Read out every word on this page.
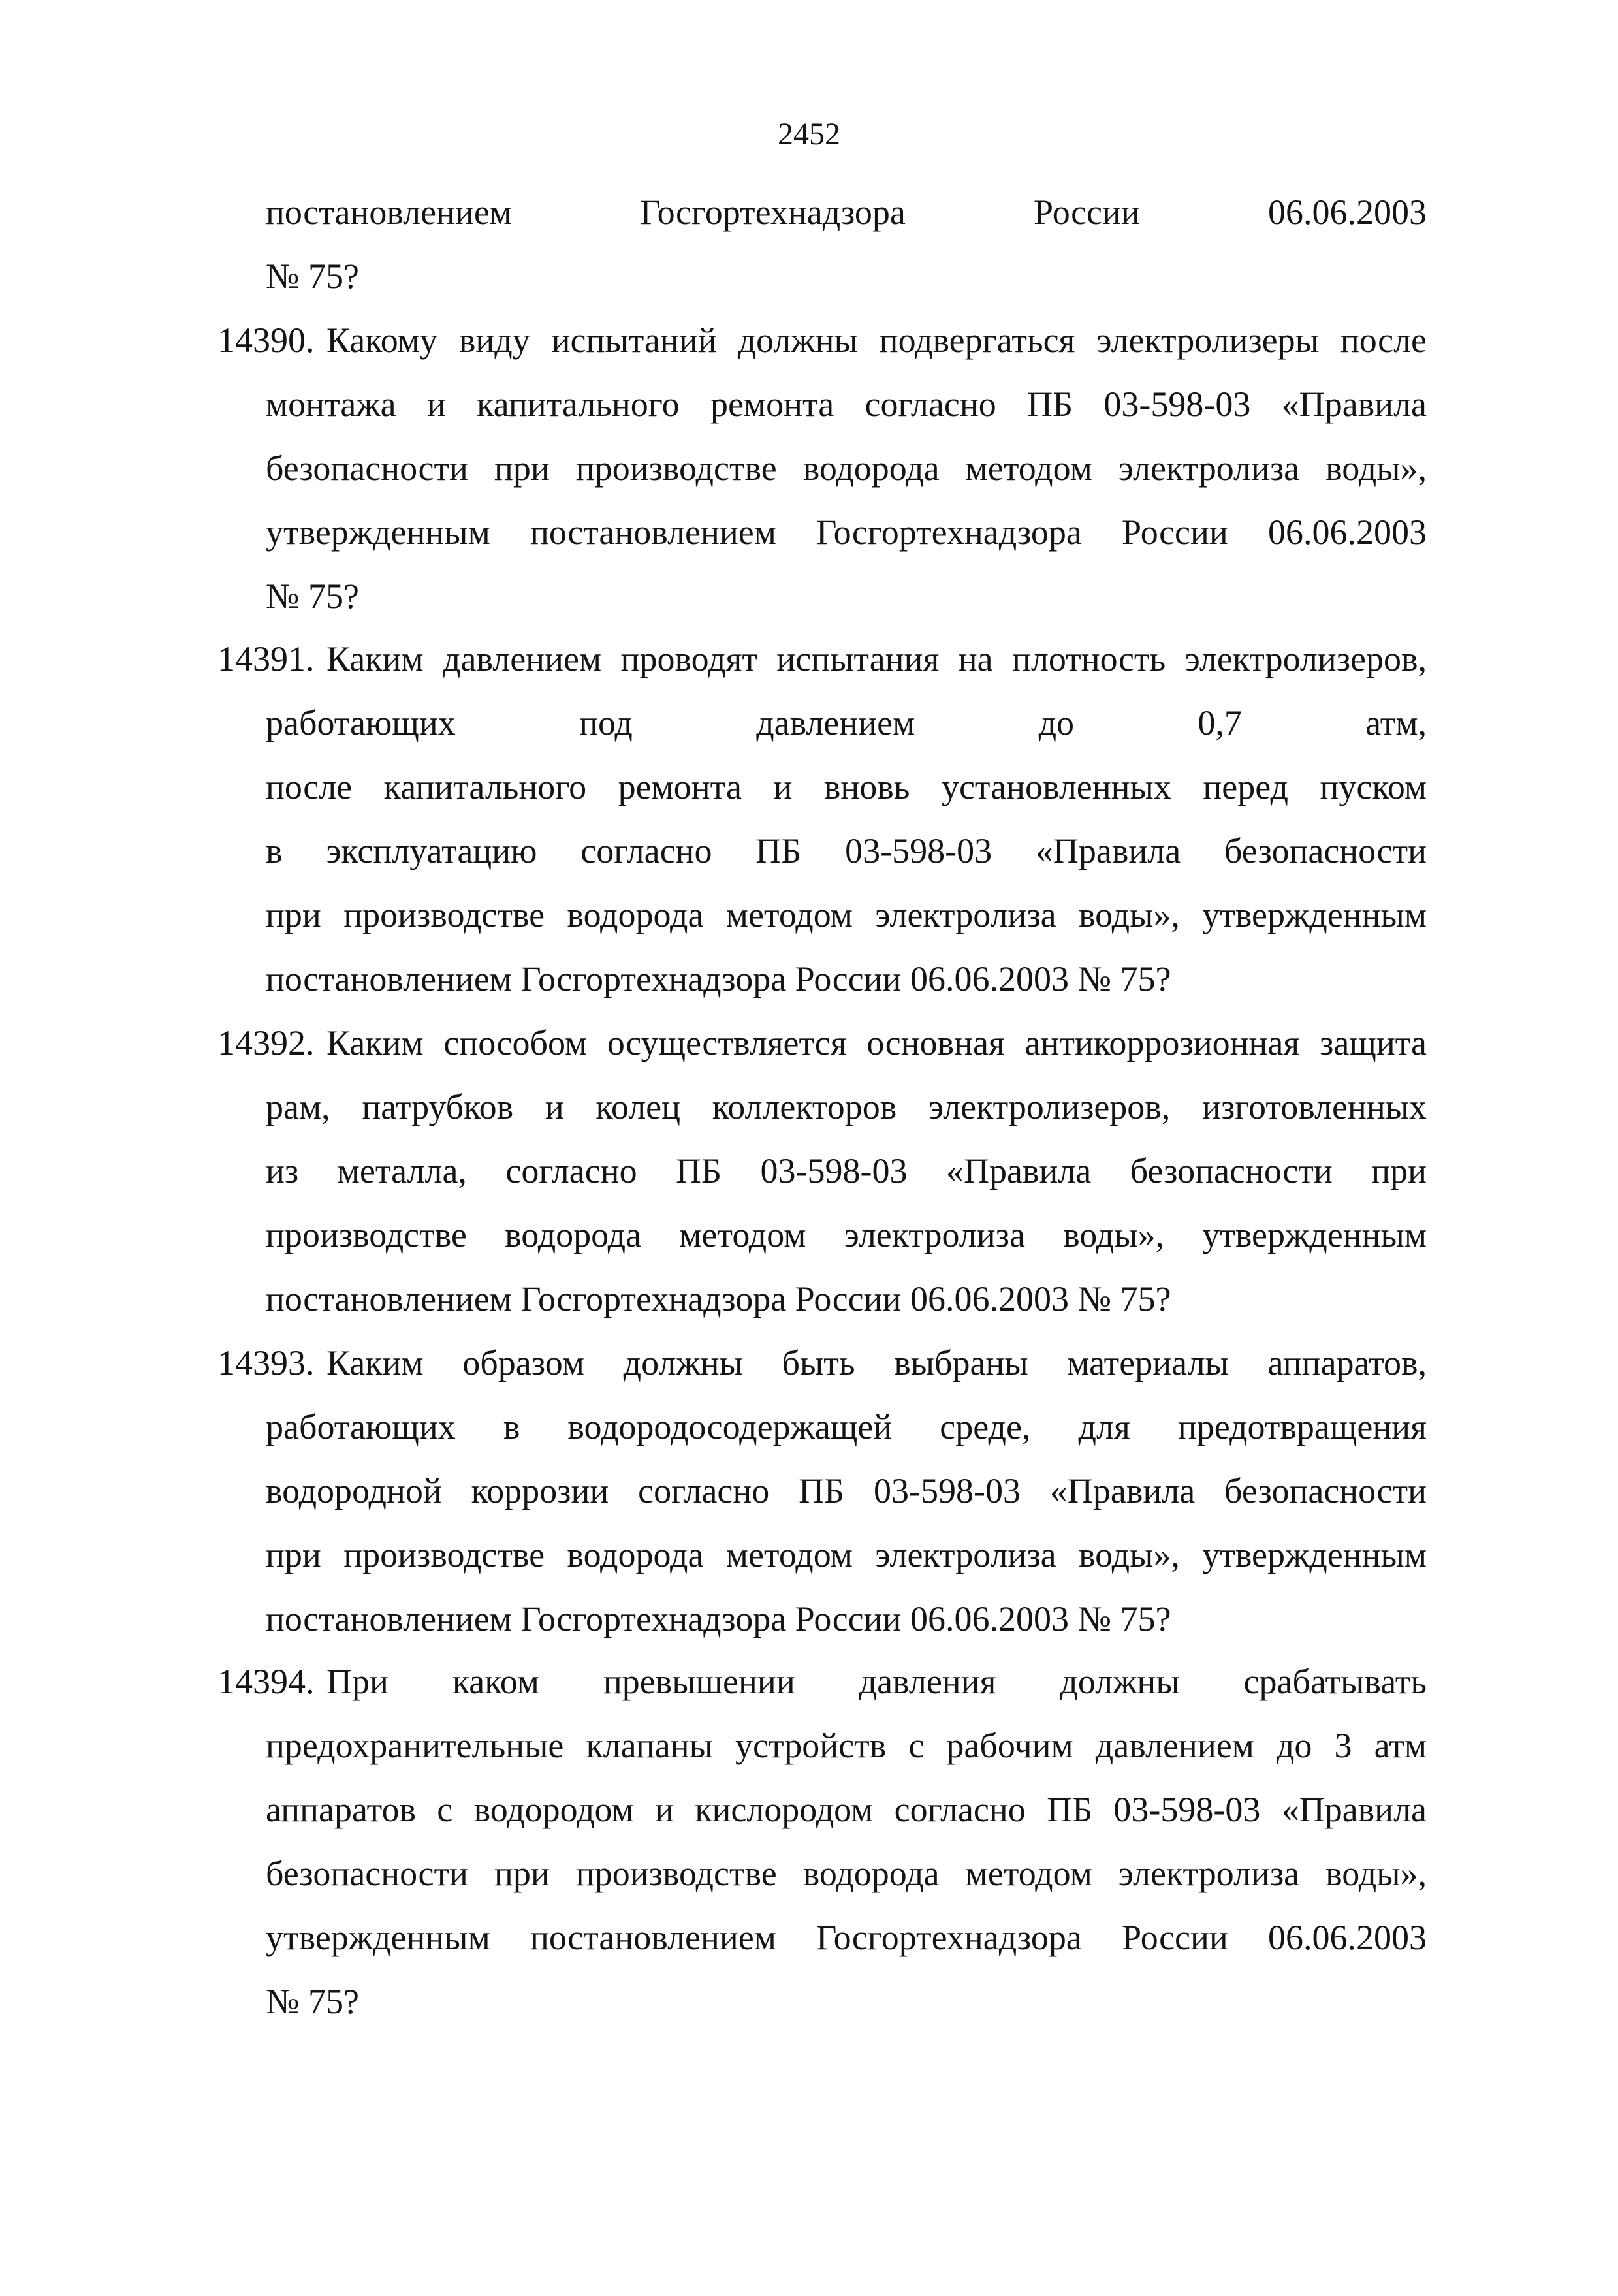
2452
постановлением Госгортехнадзора России 06.06.2003
№ 75?
14390. Какому виду испытаний должны подвергаться электролизеры после
монтажа и капитального ремонта согласно ПБ 03-598-03 «Правила
безопасности при производстве водорода методом электролиза воды»,
утвержденным постановлением Госгортехнадзора России 06.06.2003
№ 75?
14391. Каким давлением проводят испытания на плотность электролизеров,
работающих под давлением до 0,7 атм,
после капитального ремонта и вновь установленных перед пуском
в эксплуатацию согласно ПБ 03-598-03 «Правила безопасности
при производстве водорода методом электролиза воды», утвержденным
постановлением Госгортехнадзора России 06.06.2003 № 75?
14392. Каким способом осуществляется основная антикоррозионная защита
рам, патрубков и колец коллекторов электролизеров, изготовленных
из металла, согласно ПБ 03-598-03 «Правила безопасности при
производстве водорода методом электролиза воды», утвержденным
постановлением Госгортехнадзора России 06.06.2003 № 75?
14393. Каким образом должны быть выбраны материалы аппаратов,
работающих в водородосодержащей среде, для предотвращения
водородной коррозии согласно ПБ 03-598-03 «Правила безопасности
при производстве водорода методом электролиза воды», утвержденным
постановлением Госгортехнадзора России 06.06.2003 № 75?
14394. При каком превышении давления должны срабатывать
предохранительные клапаны устройств с рабочим давлением до 3 атм
аппаратов с водородом и кислородом согласно ПБ 03-598-03 «Правила
безопасности при производстве водорода методом электролиза воды»,
утвержденным постановлением Госгортехнадзора России 06.06.2003
№ 75?
